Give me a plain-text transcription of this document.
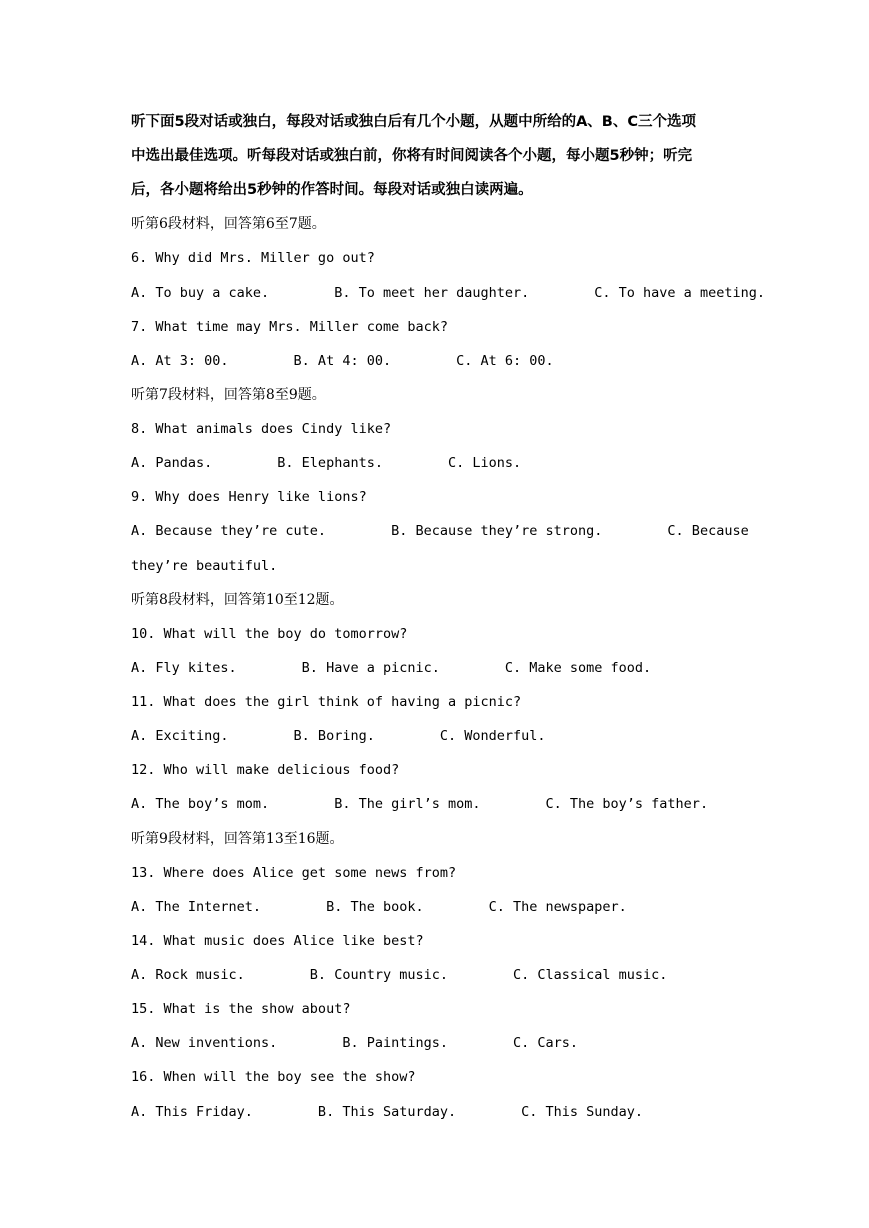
听下面5段对话或独白，每段对话或独白后有几个小题，从题中所给的A、B、C三个选项
中选出最佳选项。听每段对话或独白前，你将有时间阅读各个小题，每小题5秒钟；听完
后，各小题将给出5秒钟的作答时间。每段对话或独白读两遍。
听第6段材料，回答第6至7题。
6. Why did Mrs. Miller go out?
A. To buy a cake.        B. To meet her daughter.        C. To have a meeting.
7. What time may Mrs. Miller come back?
A. At 3: 00.        B. At 4: 00.        C. At 6: 00.
听第7段材料，回答第8至9题。
8. What animals does Cindy like?
A. Pandas.        B. Elephants.        C. Lions.
9. Why does Henry like lions?
A. Because they’re cute.        B. Because they’re strong.        C. Because
they’re beautiful.
听第8段材料，回答第10至12题。
10. What will the boy do tomorrow?
A. Fly kites.        B. Have a picnic.        C. Make some food.
11. What does the girl think of having a picnic?
A. Exciting.        B. Boring.        C. Wonderful.
12. Who will make delicious food?
A. The boy’s mom.        B. The girl’s mom.        C. The boy’s father.
听第9段材料，回答第13至16题。
13. Where does Alice get some news from?
A. The Internet.        B. The book.        C. The newspaper.
14. What music does Alice like best?
A. Rock music.        B. Country music.        C. Classical music.
15. What is the show about?
A. New inventions.        B. Paintings.        C. Cars.
16. When will the boy see the show?
A. This Friday.        B. This Saturday.        C. This Sunday.
